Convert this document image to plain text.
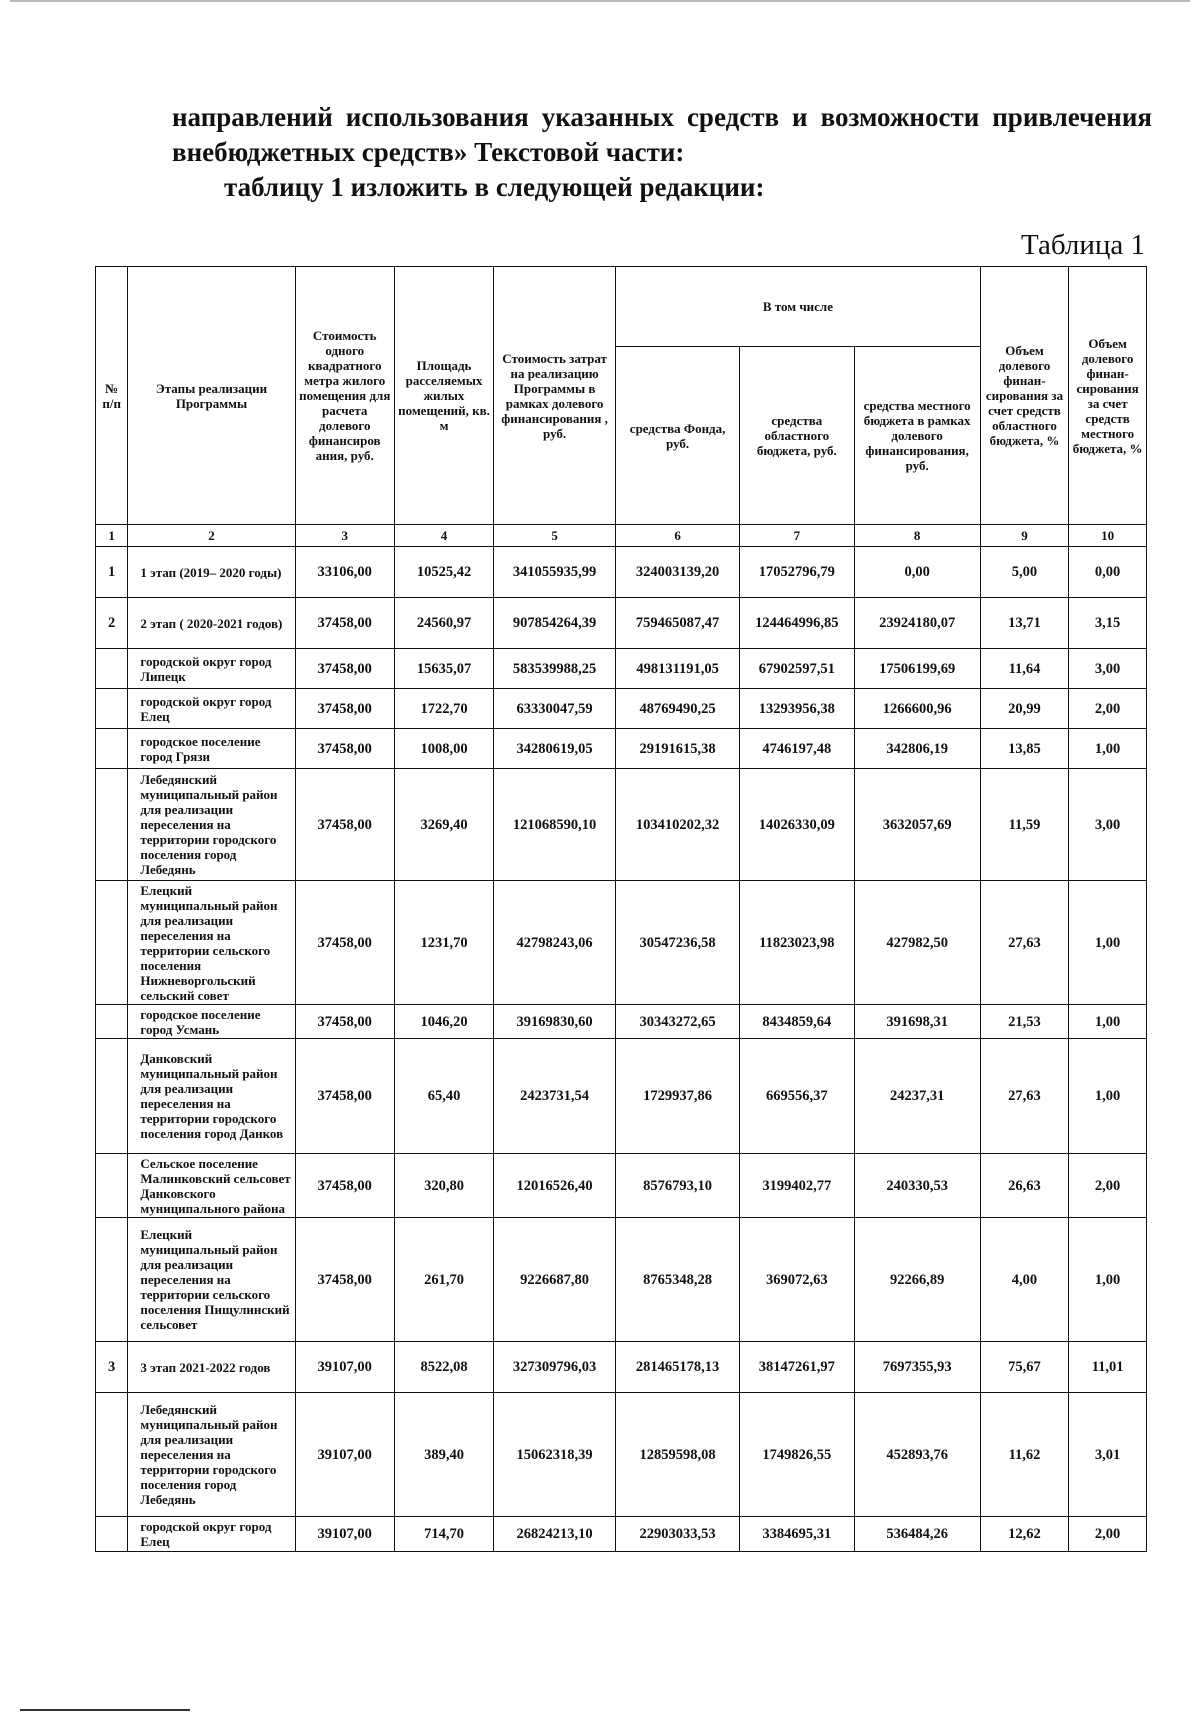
направлений использования указанных средств и возможности привлечения
внебюджетных средств» Текстовой части:
таблицу 1 изложить в следующей редакции:
Таблица 1
№ п/п	Этапы реализации Программы	Стоимость одного квадратного метра жилого помещения для расчета долевого финансиров ания, руб.	Площадь расселяемых жилых помещений, кв. м	Стоимость затрат на реализацию Программы в рамках долевого финансирования , руб.	В том числе			Объем долевого финан-сирования за счет средств областного бюджета, %	Объем долевого финан-сирования за счет средств местного бюджета, %
					средства Фонда, руб.	средства областного бюджета, руб.	средства местного бюджета в рамках долевого финансирования, руб.		
1	2	3	4	5	6	7	8	9	10
1	1 этап (2019– 2020 годы)	33106,00	10525,42	341055935,99	324003139,20	17052796,79	0,00	5,00	0,00
2	2 этап ( 2020-2021 годов)	37458,00	24560,97	907854264,39	759465087,47	124464996,85	23924180,07	13,71	3,15
	городской округ город Липецк	37458,00	15635,07	583539988,25	498131191,05	67902597,51	17506199,69	11,64	3,00
	городской округ город Елец	37458,00	1722,70	63330047,59	48769490,25	13293956,38	1266600,96	20,99	2,00
	городское поселение город Грязи	37458,00	1008,00	34280619,05	29191615,38	4746197,48	342806,19	13,85	1,00
	Лебедянский муниципальный район для реализации переселения на территории городского поселения город Лебедянь	37458,00	3269,40	121068590,10	103410202,32	14026330,09	3632057,69	11,59	3,00
	Елецкий муниципальный район для реализации переселения на территории сельского поселения Нижневоргольский сельский совет	37458,00	1231,70	42798243,06	30547236,58	11823023,98	427982,50	27,63	1,00
	городское поселение город Усмань	37458,00	1046,20	39169830,60	30343272,65	8434859,64	391698,31	21,53	1,00
	Данковский муниципальный район для реализации переселения на территории городского поселения город Данков	37458,00	65,40	2423731,54	1729937,86	669556,37	24237,31	27,63	1,00
	Сельское поселение Малинковский сельсовет Данковского муниципального района	37458,00	320,80	12016526,40	8576793,10	3199402,77	240330,53	26,63	2,00
	Елецкий муниципальный район для реализации переселения на территории сельского поселения Пищулинский сельсовет	37458,00	261,70	9226687,80	8765348,28	369072,63	92266,89	4,00	1,00
3	3 этап 2021-2022 годов	39107,00	8522,08	327309796,03	281465178,13	38147261,97	7697355,93	75,67	11,01
	Лебедянский муниципальный район для реализации переселения на территории городского поселения город Лебедянь	39107,00	389,40	15062318,39	12859598,08	1749826,55	452893,76	11,62	3,01
	городской округ город Елец	39107,00	714,70	26824213,10	22903033,53	3384695,31	536484,26	12,62	2,00
